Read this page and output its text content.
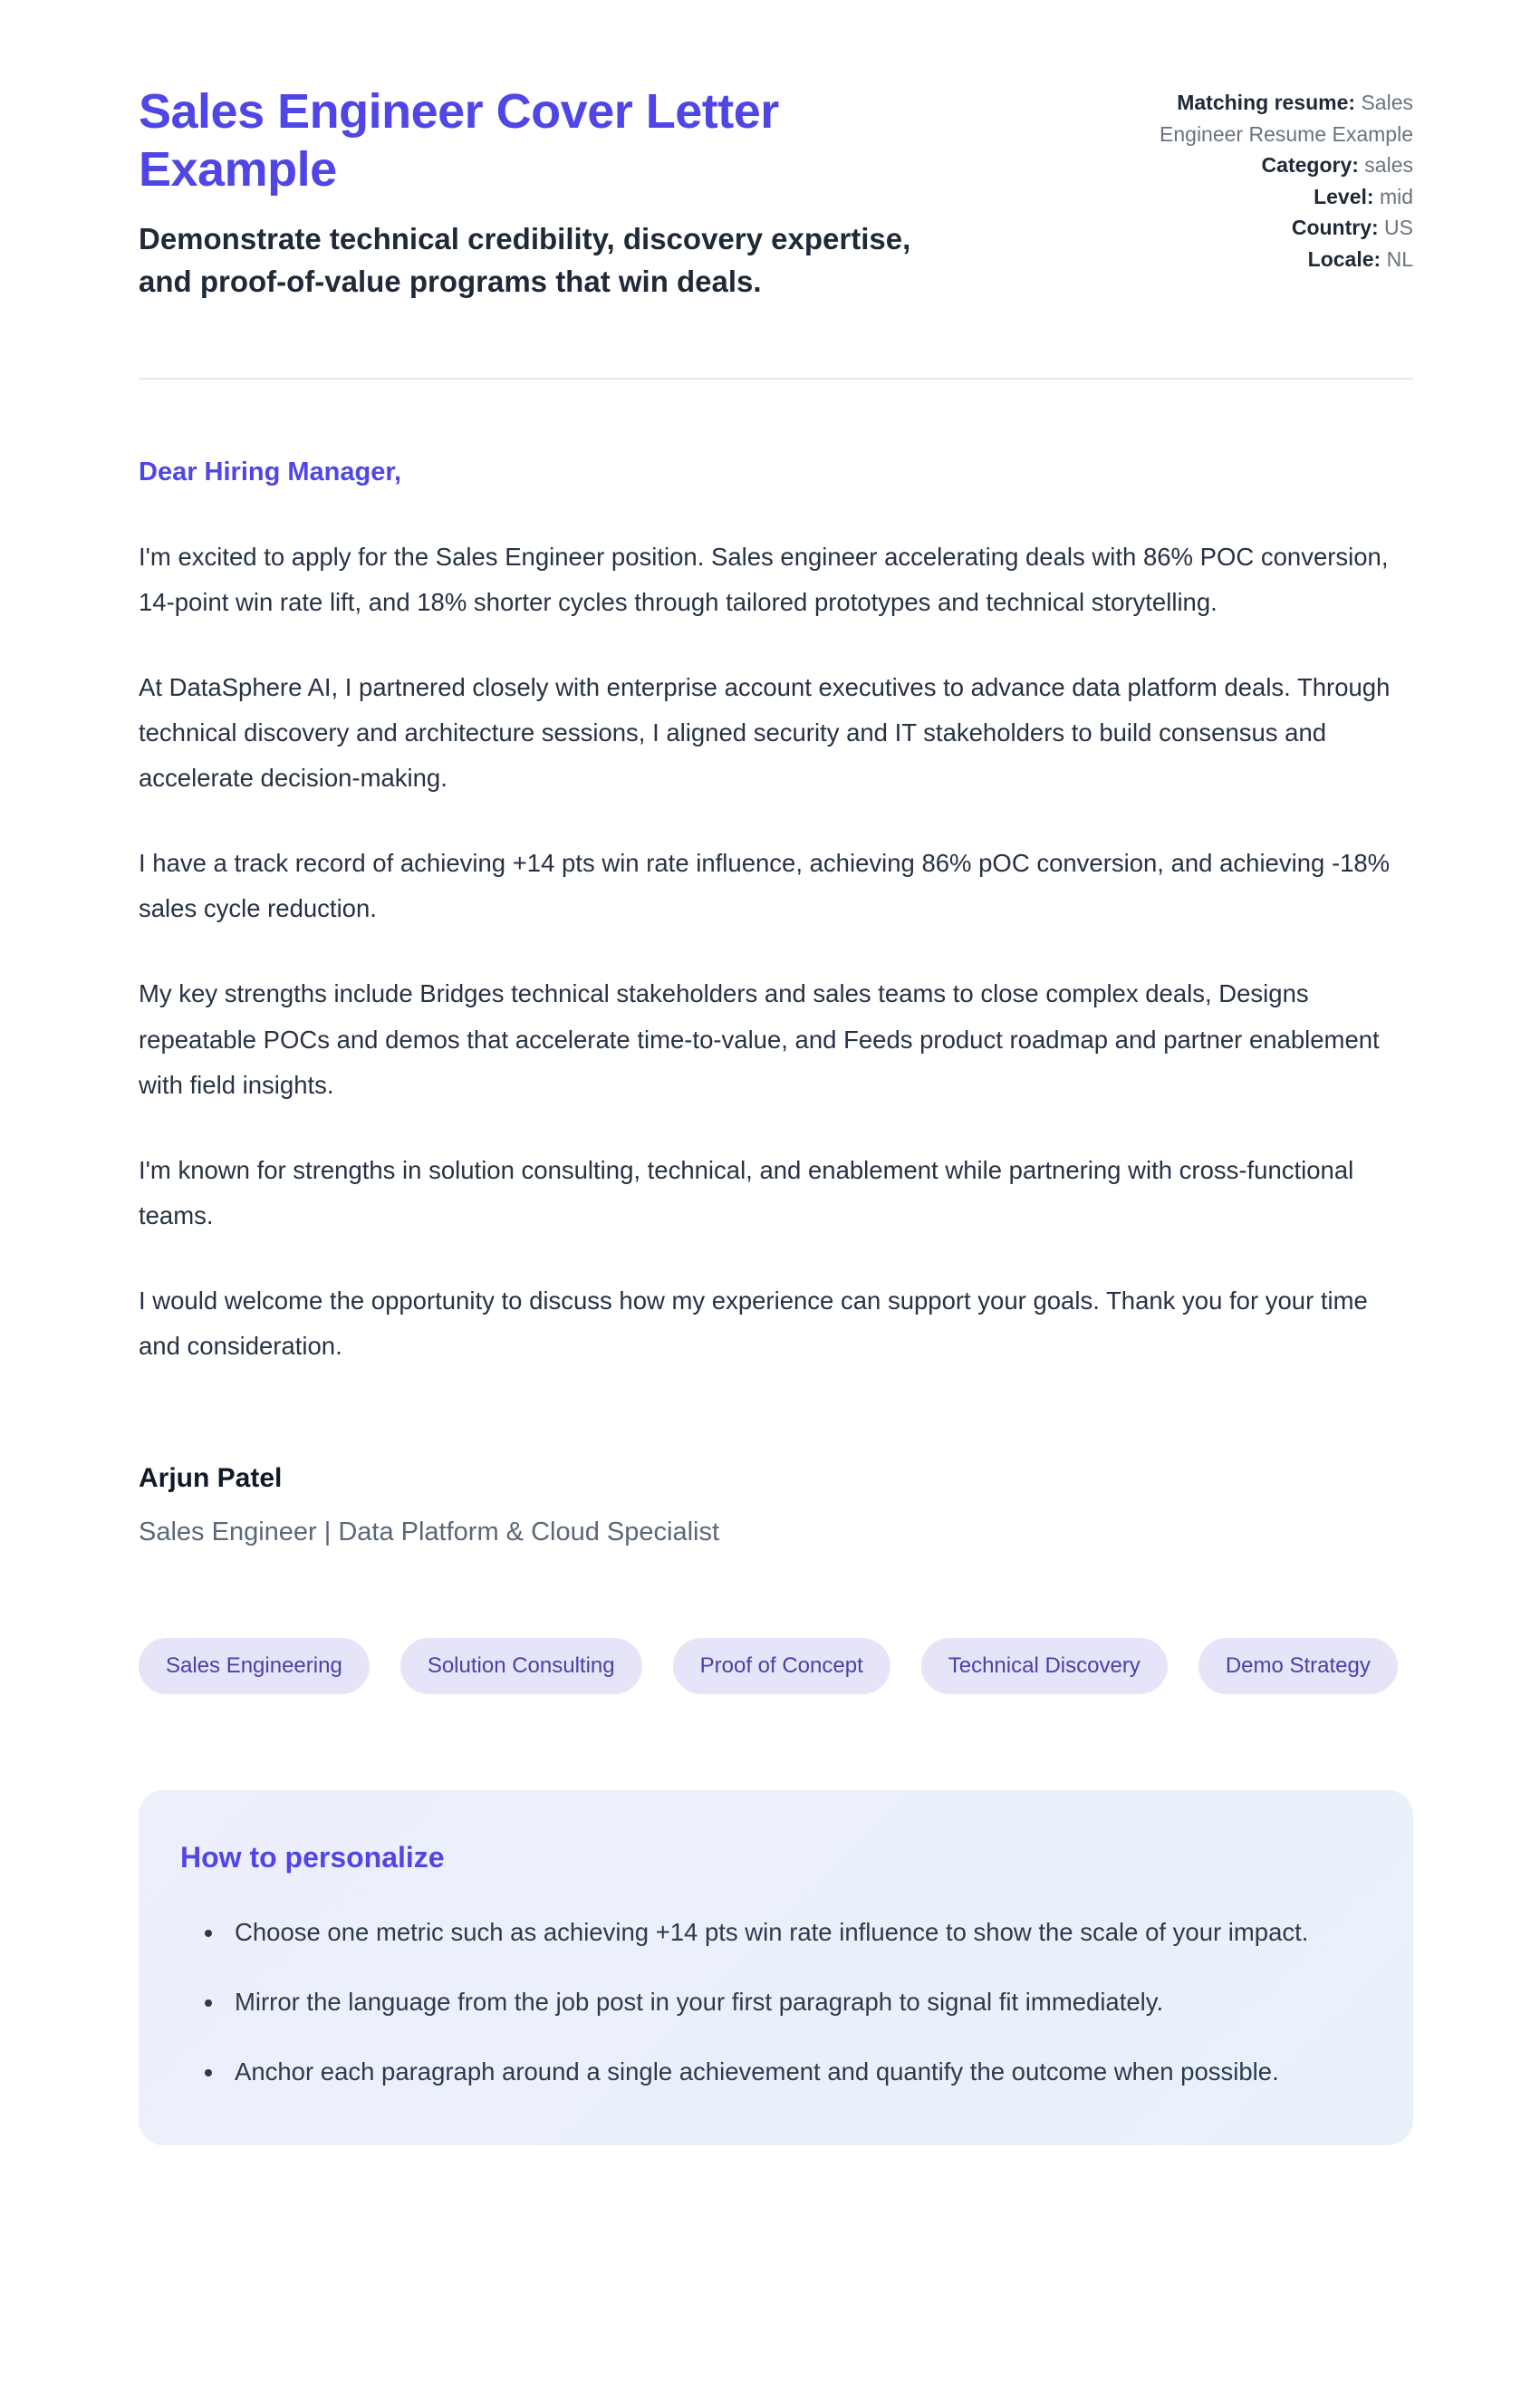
Sales Engineer Cover Letter Example

Demonstrate technical credibility, discovery expertise, and proof-of-value programs that win deals.

Matching resume: Sales Engineer Resume Example
Category: sales
Level: mid
Country: US
Locale: NL

Dear Hiring Manager,

I'm excited to apply for the Sales Engineer position. Sales engineer accelerating deals with 86% POC conversion, 14-point win rate lift, and 18% shorter cycles through tailored prototypes and technical storytelling.

At DataSphere AI, I partnered closely with enterprise account executives to advance data platform deals. Through technical discovery and architecture sessions, I aligned security and IT stakeholders to build consensus and accelerate decision-making.

I have a track record of achieving +14 pts win rate influence, achieving 86% pOC conversion, and achieving -18% sales cycle reduction.

My key strengths include Bridges technical stakeholders and sales teams to close complex deals, Designs repeatable POCs and demos that accelerate time-to-value, and Feeds product roadmap and partner enablement with field insights.

I'm known for strengths in solution consulting, technical, and enablement while partnering with cross-functional teams.

I would welcome the opportunity to discuss how my experience can support your goals. Thank you for your time and consideration.

Arjun Patel

Sales Engineer | Data Platform & Cloud Specialist

Sales Engineering	Solution Consulting	Proof of Concept	Technical Discovery	Demo Strategy
How to personalize
• Choose one metric such as achieving +14 pts win rate influence to show the scale of your impact.
• Mirror the language from the job post in your first paragraph to signal fit immediately.
• Anchor each paragraph around a single achievement and quantify the outcome when possible.
